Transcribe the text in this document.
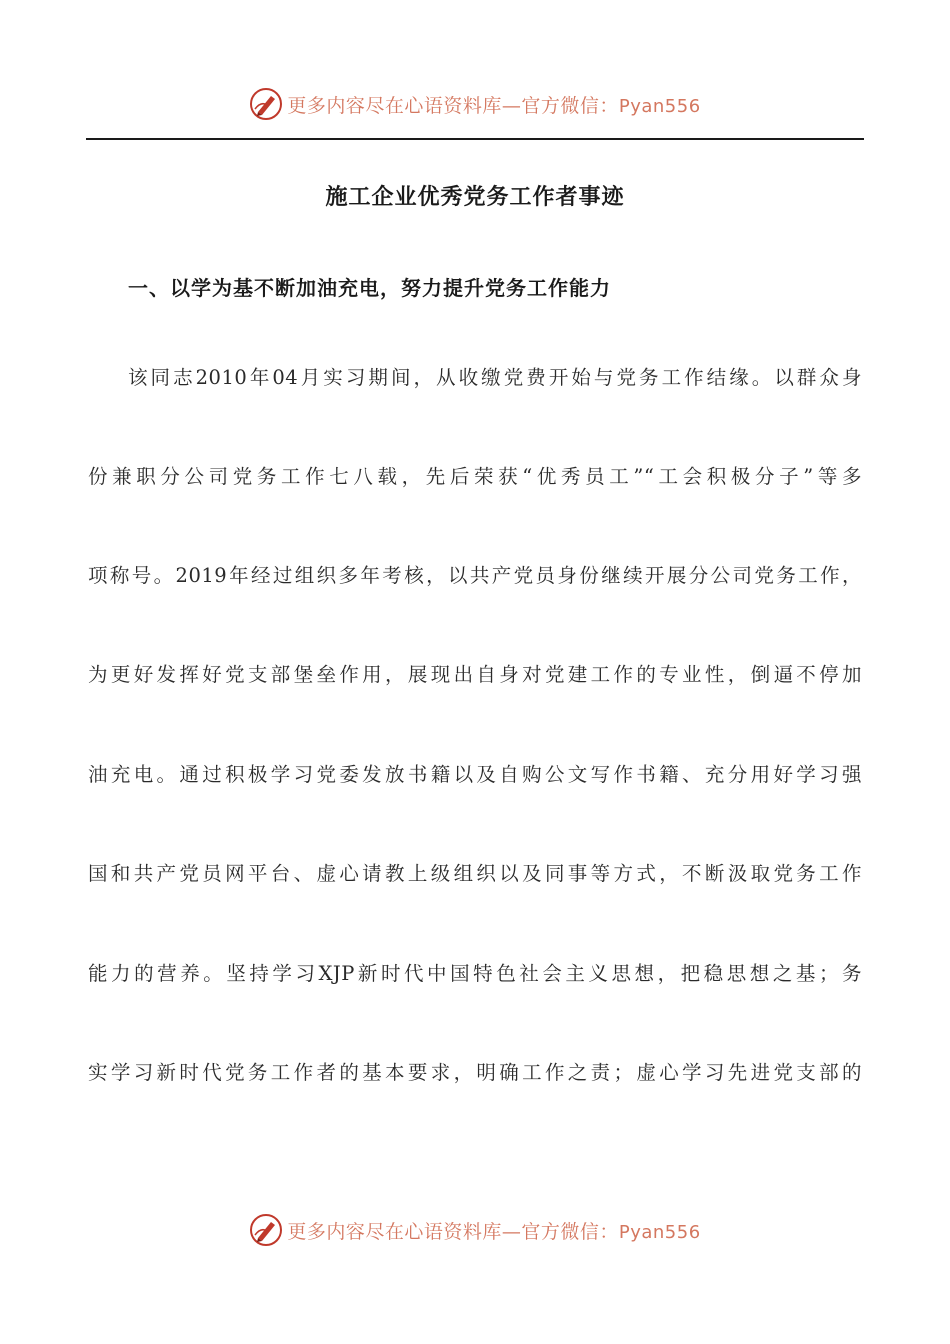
更多内容尽在心语资料库—官方微信：Pyan556
施工企业优秀党务工作者事迹
一、以学为基不断加油充电，努力提升党务工作能力
该同志2010年04月实习期间，从收缴党费开始与党务工作结缘。以群众身
份兼职分公司党务工作七八载，先后荣获“优秀员工”“工会积极分子”等多
项称号。2019年经过组织多年考核，以共产党员身份继续开展分公司党务工作，
为更好发挥好党支部堡垒作用，展现出自身对党建工作的专业性，倒逼不停加
油充电。通过积极学习党委发放书籍以及自购公文写作书籍、充分用好学习强
国和共产党员网平台、虚心请教上级组织以及同事等方式，不断汲取党务工作
能力的营养。坚持学习XJP新时代中国特色社会主义思想，把稳思想之基；务
实学习新时代党务工作者的基本要求，明确工作之责；虚心学习先进党支部的
更多内容尽在心语资料库—官方微信：Pyan556
